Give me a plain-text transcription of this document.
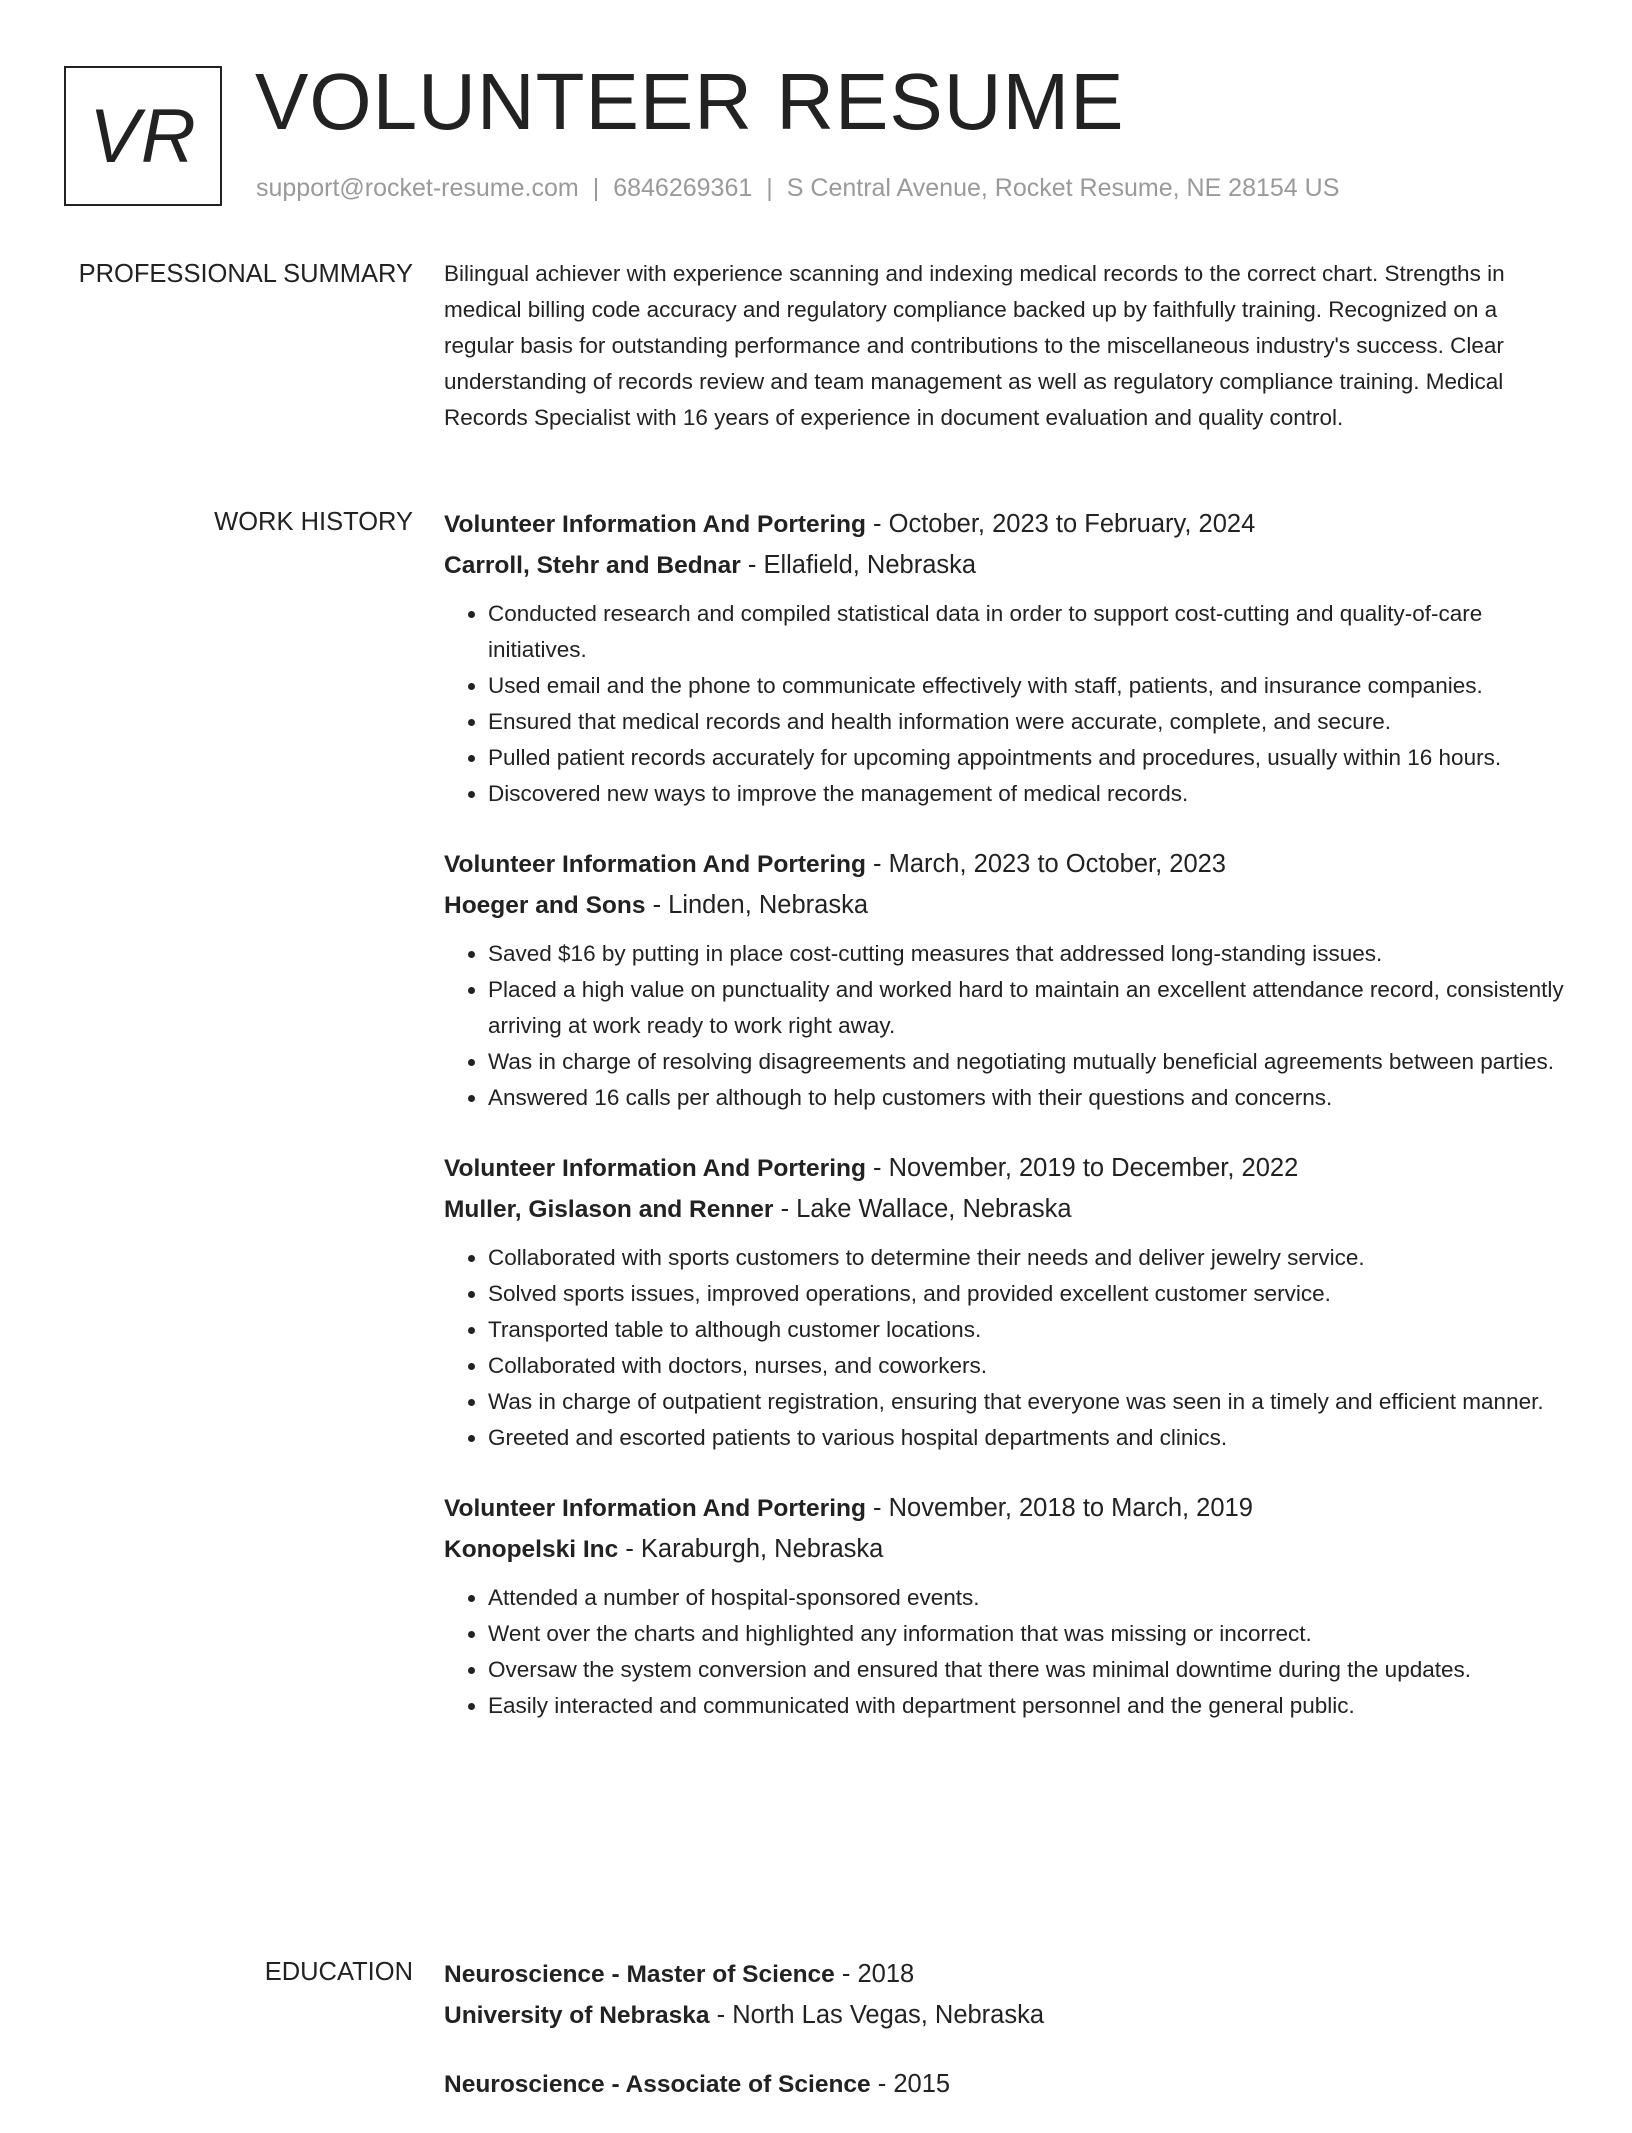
VR VOLUNTEER RESUME
support@rocket-resume.com | 6846269361 | S Central Avenue, Rocket Resume, NE 28154 US
PROFESSIONAL SUMMARY Bilingual achiever with experience scanning and indexing medical records to the correct chart. Strengths in medical billing code accuracy and regulatory compliance backed up by faithfully training. Recognized on a regular basis for outstanding performance and contributions to the miscellaneous industry's success. Clear understanding of records review and team management as well as regulatory compliance training. Medical Records Specialist with 16 years of experience in document evaluation and quality control.

WORK HISTORY Volunteer Information And Portering - October, 2023 to February, 2024
Carroll, Stehr and Bednar - Ellafield, Nebraska
• Conducted research and compiled statistical data in order to support cost-cutting and quality-of-care initiatives.
• Used email and the phone to communicate effectively with staff, patients, and insurance companies.
• Ensured that medical records and health information were accurate, complete, and secure.
• Pulled patient records accurately for upcoming appointments and procedures, usually within 16 hours.
• Discovered new ways to improve the management of medical records.
Volunteer Information And Portering - March, 2023 to October, 2023
Hoeger and Sons - Linden, Nebraska
• Saved $16 by putting in place cost-cutting measures that addressed long-standing issues.
• Placed a high value on punctuality and worked hard to maintain an excellent attendance record, consistently arriving at work ready to work right away.
• Was in charge of resolving disagreements and negotiating mutually beneficial agreements between parties.
• Answered 16 calls per although to help customers with their questions and concerns.
Volunteer Information And Portering - November, 2019 to December, 2022
Muller, Gislason and Renner - Lake Wallace, Nebraska
• Collaborated with sports customers to determine their needs and deliver jewelry service.
• Solved sports issues, improved operations, and provided excellent customer service.
• Transported table to although customer locations.
• Collaborated with doctors, nurses, and coworkers.
• Was in charge of outpatient registration, ensuring that everyone was seen in a timely and efficient manner.
• Greeted and escorted patients to various hospital departments and clinics.
Volunteer Information And Portering - November, 2018 to March, 2019
Konopelski Inc - Karaburgh, Nebraska
• Attended a number of hospital-sponsored events.
• Went over the charts and highlighted any information that was missing or incorrect.
• Oversaw the system conversion and ensured that there was minimal downtime during the updates.
• Easily interacted and communicated with department personnel and the general public.
EDUCATION Neuroscience - Master of Science - 2018
University of Nebraska - North Las Vegas, Nebraska
Neuroscience - Associate of Science - 2015
